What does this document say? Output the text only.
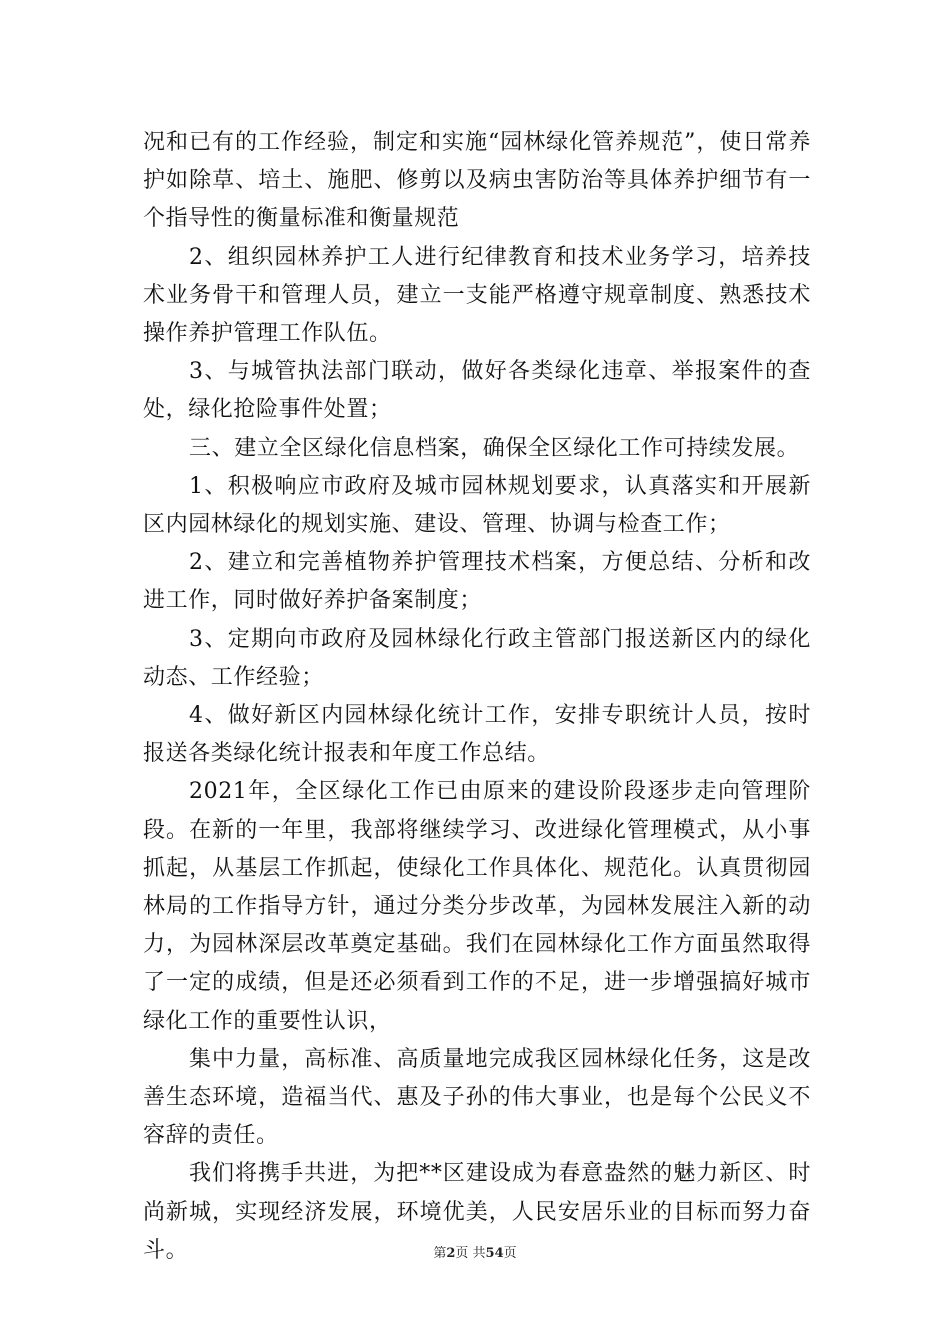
况和已有的工作经验，制定和实施“园林绿化管养规范”，使日常养护如除草、培土、施肥、修剪以及病虫害防治等具体养护细节有一个指导性的衡量标准和衡量规范

2、组织园林养护工人进行纪律教育和技术业务学习，培养技术业务骨干和管理人员，建立一支能严格遵守规章制度、熟悉技术操作养护管理工作队伍。

3、与城管执法部门联动，做好各类绿化违章、举报案件的查处，绿化抢险事件处置；

三、建立全区绿化信息档案，确保全区绿化工作可持续发展。

1、积极响应市政府及城市园林规划要求，认真落实和开展新区内园林绿化的规划实施、建设、管理、协调与检查工作；

2、建立和完善植物养护管理技术档案，方便总结、分析和改进工作，同时做好养护备案制度；

3、定期向市政府及园林绿化行政主管部门报送新区内的绿化动态、工作经验；

4、做好新区内园林绿化统计工作，安排专职统计人员，按时报送各类绿化统计报表和年度工作总结。

2021年，全区绿化工作已由原来的建设阶段逐步走向管理阶段。在新的一年里，我部将继续学习、改进绿化管理模式，从小事抓起，从基层工作抓起，使绿化工作具体化、规范化。认真贯彻园林局的工作指导方针，通过分类分步改革，为园林发展注入新的动力，为园林深层改革奠定基础。我们在园林绿化工作方面虽然取得了一定的成绩，但是还必须看到工作的不足，进一步增强搞好城市绿化工作的重要性认识，

集中力量，高标准、高质量地完成我区园林绿化任务，这是改善生态环境，造福当代、惠及子孙的伟大事业，也是每个公民义不容辞的责任。

我们将携手共进，为把**区建设成为春意盎然的魅力新区、时尚新城，实现经济发展，环境优美，人民安居乐业的目标而努力奋斗。	第2页 共54页
